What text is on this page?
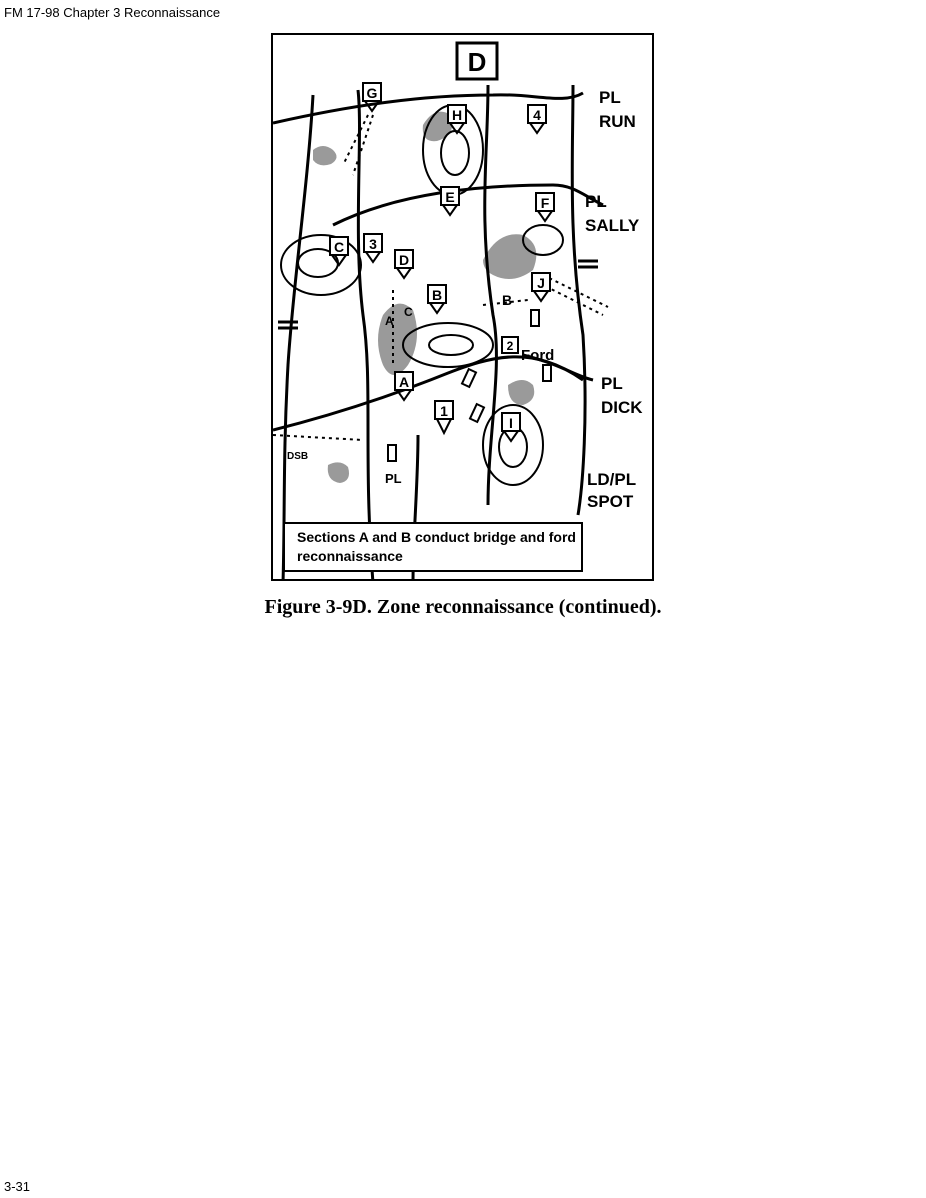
FM 17-98 Chapter 3 Reconnaissance
D
PL
RUN
PL
SALLY
PL
DICK
LD/PL
SPOT
G
H	4
E	F
C 3
D
B
J
A
1
I
2
Ford
B
A
C
PL
DSB
Sections A and B conduct bridge and ford reconnaissance
Figure 3-9D. Zone reconnaissance (continued).
3-31
